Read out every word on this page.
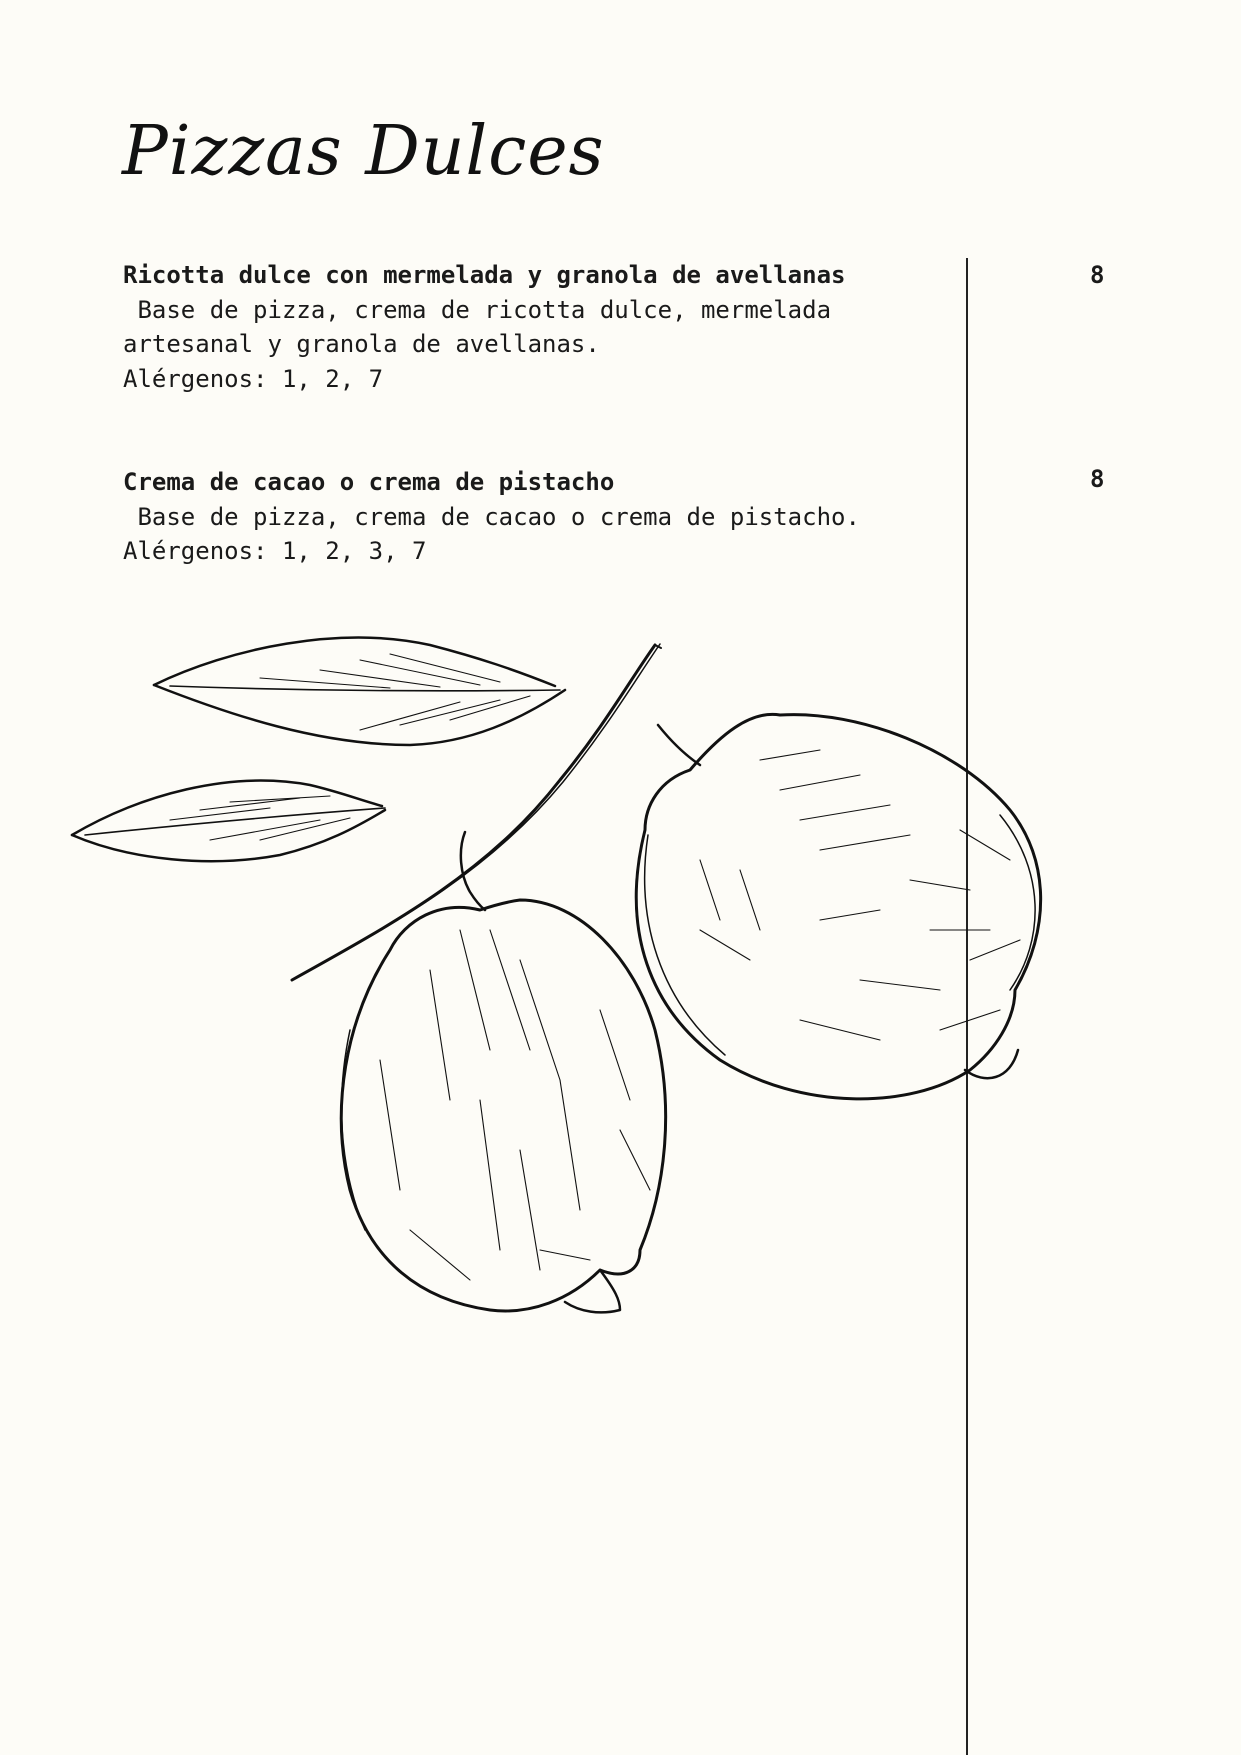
Pizzas Dulces

Ricotta dulce con mermelada y granola de avellanas

Base de pizza, crema de ricotta dulce, mermelada artesanal y granola de avellanas.

Alérgenos: 1, 2, 7

8

Crema de cacao o crema de pistacho

Base de pizza, crema de cacao o crema de pistacho.

Alérgenos: 1, 2, 3, 7

8
